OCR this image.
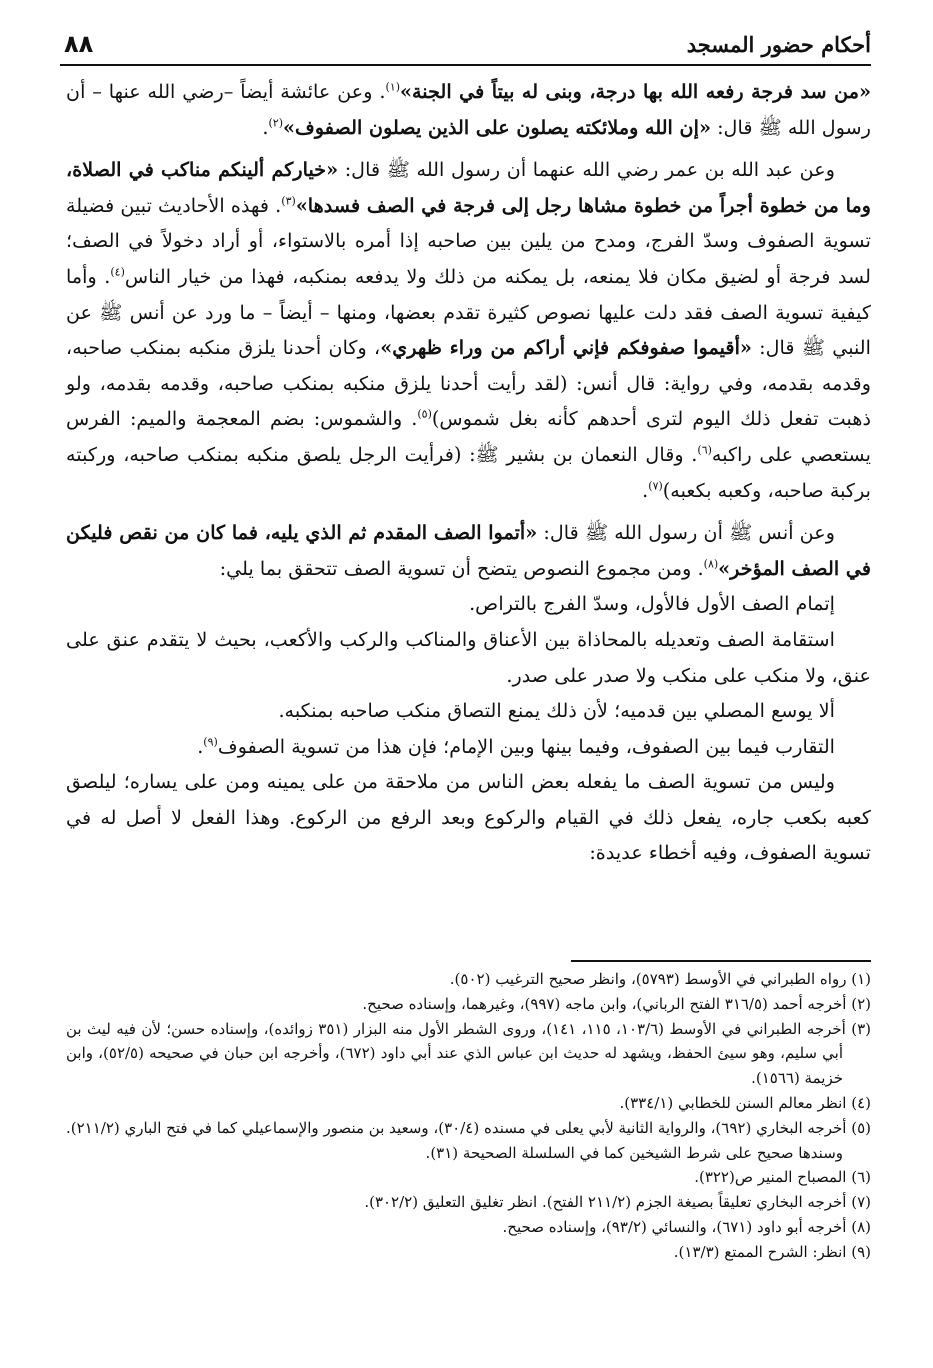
أحكام حضور المسجد
٨٨

«من سد فرجة رفعه الله بها درجة، وبنى له بيتاً في الجنة»$^{(١)}$. وعن عائشة أيضاً –رضي الله عنها – أن رسول الله ﷺ قال: «إن الله وملائكته يصلون على الذين يصلون الصفوف»$^{(٢)}$.

وعن عبد الله بن عمر رضي الله عنهما أن رسول الله ﷺ قال: «خياركم ألينكم مناكب في الصلاة، وما من خطوة أجراً من خطوة مشاها رجل إلى فرجة في الصف فسدها»$^{(٣)}$. فهذه الأحاديث تبين فضيلة تسوية الصفوف وسدّ الفرج، ومدح من يلين بين صاحبه إذا أمره بالاستواء، أو أراد دخولاً في الصف؛ لسد فرجة أو لضيق مكان فلا يمنعه، بل يمكنه من ذلك ولا يدفعه بمنكبه، فهذا من خيار الناس$^{(٤)}$. وأما كيفية تسوية الصف فقد دلت عليها نصوص كثيرة تقدم بعضها، ومنها – أيضاً – ما ورد عن أنس ﷺ عن النبي ﷺ قال: «أقيموا صفوفكم فإني أراكم من وراء ظهري»، وكان أحدنا يلزق منكبه بمنكب صاحبه، وقدمه بقدمه، وفي رواية: قال أنس: (لقد رأيت أحدنا يلزق منكبه بمنكب صاحبه، وقدمه بقدمه، ولو ذهبت تفعل ذلك اليوم لترى أحدهم كأنه بغل شموس)$^{(٥)}$. والشموس: بضم المعجمة والميم: الفرس يستعصي على راكبه$^{(٦)}$. وقال النعمان بن بشير ﷺ: (فرأيت الرجل يلصق منكبه بمنكب صاحبه، وركبته بركبة صاحبه، وكعبه بكعبه)$^{(٧)}$.

وعن أنس ﷺ أن رسول الله ﷺ قال: «أتموا الصف المقدم ثم الذي يليه، فما كان من نقص فليكن في الصف المؤخر»$^{(٨)}$. ومن مجموع النصوص يتضح أن تسوية الصف تتحقق بما يلي:

إتمام الصف الأول فالأول، وسدّ الفرج بالتراص.

استقامة الصف وتعديله بالمحاذاة بين الأعناق والمناكب والركب والأكعب، بحيث لا يتقدم عنق على عنق، ولا منكب على منكب ولا صدر على صدر.

ألا يوسع المصلي بين قدميه؛ لأن ذلك يمنع التصاق منكب صاحبه بمنكبه.

التقارب فيما بين الصفوف، وفيما بينها وبين الإمام؛ فإن هذا من تسوية الصفوف$^{(٩)}$.

وليس من تسوية الصف ما يفعله بعض الناس من ملاحقة من على يمينه ومن على يساره؛ ليلصق كعبه بكعب جاره، يفعل ذلك في القيام والركوع وبعد الرفع من الركوع. وهذا الفعل لا أصل له في تسوية الصفوف، وفيه أخطاء عديدة:

(١) رواه الطبراني في الأوسط (٥٧٩٣)، وانظر صحيح الترغيب (٥٠٢).
(٢) أخرجه أحمد (٣١٦/٥ الفتح الرباني)، وابن ماجه (٩٩٧)، وغيرهما، وإسناده صحيح.
(٣) أخرجه الطبراني في الأوسط (١٠٣/٦، ١١٥، ١٤١)، وروى الشطر الأول منه البزار (٣٥١ زوائده)، وإسناده حسن؛ لأن فيه ليث بن أبي سليم، وهو سيئ الحفظ، ويشهد له حديث ابن عباس الذي عند أبي داود (٦٧٢)، وأخرجه ابن حبان في صحيحه (٥٢/٥)، وابن خزيمة (١٥٦٦).
(٤) انظر معالم السنن للخطابي (٣٣٤/١).
(٥) أخرجه البخاري (٦٩٢)، والرواية الثانية لأبي يعلى في مسنده (٣٠/٤)، وسعيد بن منصور والإسماعيلي كما في فتح الباري (٢١١/٢). وسندها صحيح على شرط الشيخين كما في السلسلة الصحيحة (٣١).
(٦) المصباح المنير ص(٣٢٢).
(٧) أخرجه البخاري تعليقاً بصيغة الجزم (٢١١/٢ الفتح). انظر تغليق التعليق (٣٠٢/٢).
(٨) أخرجه أبو داود (٦٧١)، والنسائي (٩٣/٢)، وإسناده صحيح.
(٩) انظر: الشرح الممتع (١٣/٣).
